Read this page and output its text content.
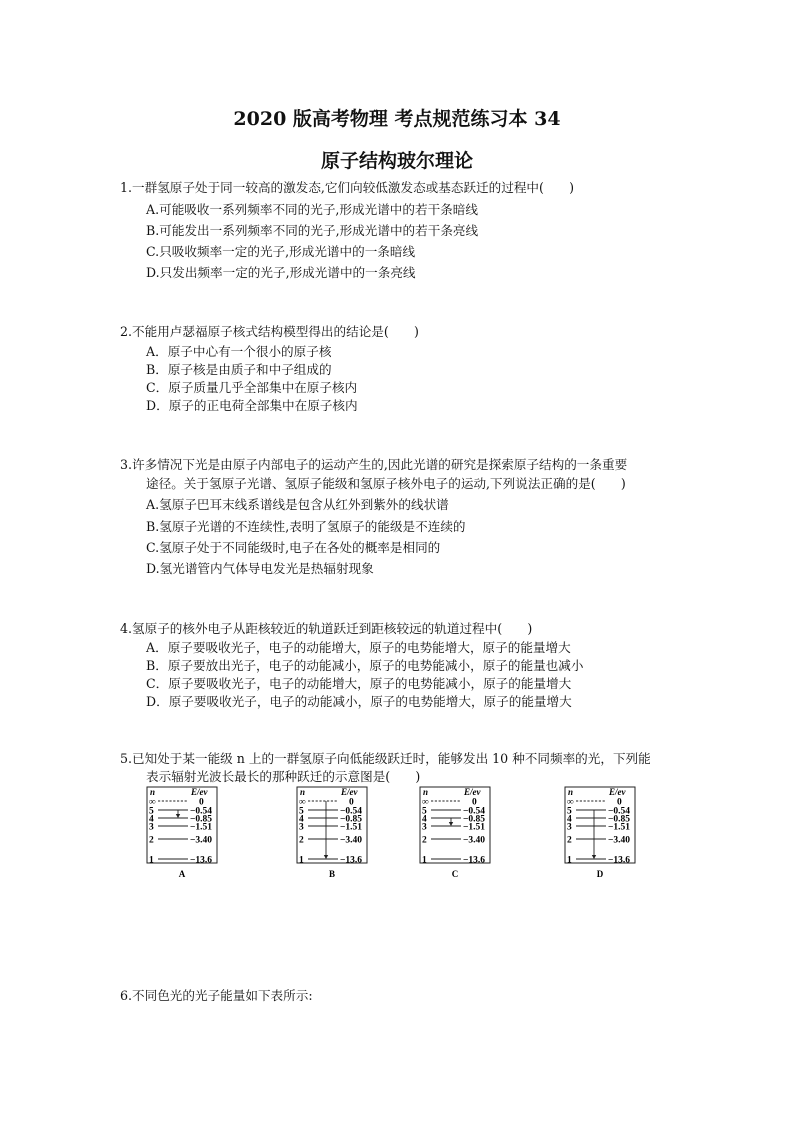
2020 版高考物理 考点规范练习本 34
原子结构玻尔理论
1.一群氢原子处于同一较高的激发态,它们向较低激发态或基态跃迁的过程中(　　)
A.可能吸收一系列频率不同的光子,形成光谱中的若干条暗线
B.可能发出一系列频率不同的光子,形成光谱中的若干条亮线
C.只吸收频率一定的光子,形成光谱中的一条暗线
D.只发出频率一定的光子,形成光谱中的一条亮线
2.不能用卢瑟福原子核式结构模型得出的结论是(　　)
A．原子中心有一个很小的原子核
B．原子核是由质子和中子组成的
C．原子质量几乎全部集中在原子核内
D．原子的正电荷全部集中在原子核内
3.许多情况下光是由原子内部电子的运动产生的,因此光谱的研究是探索原子结构的一条重要
途径。关于氢原子光谱、氢原子能级和氢原子核外电子的运动,下列说法正确的是(　　)
A.氢原子巴耳末线系谱线是包含从红外到紫外的线状谱
B.氢原子光谱的不连续性,表明了氢原子的能级是不连续的
C.氢原子处于不同能级时,电子在各处的概率是相同的
D.氢光谱管内气体导电发光是热辐射现象
4.氢原子的核外电子从距核较近的轨道跃迁到距核较远的轨道过程中(　　)
A．原子要吸收光子，电子的动能增大，原子的电势能增大，原子的能量增大
B．原子要放出光子，电子的动能减小，原子的电势能减小，原子的能量也减小
C．原子要吸收光子，电子的动能增大，原子的电势能减小，原子的能量增大
D．原子要吸收光子，电子的动能减小，原子的电势能增大，原子的能量增大
5.已知处于某一能级 n 上的一群氢原子向低能级跃迁时，能够发出 10 种不同频率的光，下列能
表示辐射光波长最长的那种跃迁的示意图是(　　)
n	E/ev
∞	0
5	−0.54
4	−0.85
3	−1.51
2	−3.40
1	−13.6
A
n	E/ev
∞	0
5	−0.54
4	−0.85
3	−1.51
2	−3.40
1	−13.6
B
n	E/ev
∞	0
5	−0.54
4	−0.85
3	−1.51
2	−3.40
1	−13.6
C
n	E/ev
∞	0
5	−0.54
4	−0.85
3	−1.51
2	−3.40
1	−13.6
D
6.不同色光的光子能量如下表所示:
